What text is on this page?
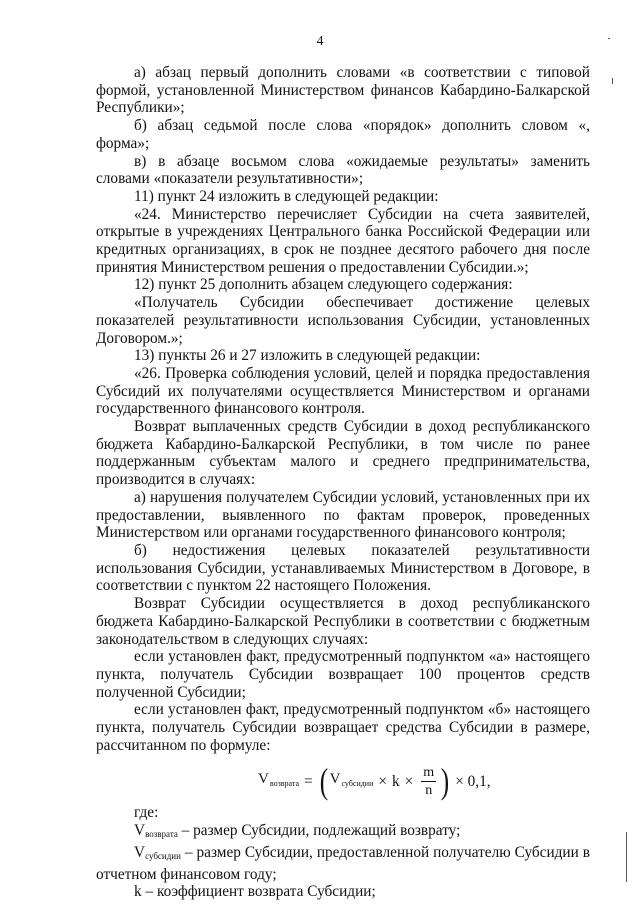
4

а) абзац первый дополнить словами «в соответствии с типовой формой, установленной Министерством финансов Кабардино-Балкарской Республики»;

б) абзац седьмой после слова «порядок» дополнить словом «, форма»;

в) в абзаце восьмом слова «ожидаемые результаты» заменить словами «показатели результативности»;

11) пункт 24 изложить в следующей редакции:

«24. Министерство перечисляет Субсидии на счета заявителей, открытые в учреждениях Центрального банка Российской Федерации или кредитных организациях, в срок не позднее десятого рабочего дня после принятия Министерством решения о предоставлении Субсидии.»;

12) пункт 25 дополнить абзацем следующего содержания:

«Получатель Субсидии обеспечивает достижение целевых показателей результативности использования Субсидии, установленных Договором.»;

13) пункты 26 и 27 изложить в следующей редакции:

«26. Проверка соблюдения условий, целей и порядка предоставления Субсидий их получателями осуществляется Министерством и органами государственного финансового контроля.

Возврат выплаченных средств Субсидии в доход республиканского бюджета Кабардино-Балкарской Республики, в том числе по ранее поддержанным субъектам малого и среднего предпринимательства, производится в случаях:

а) нарушения получателем Субсидии условий, установленных при их предоставлении, выявленного по фактам проверок, проведенных Министерством или органами государственного финансового контроля;

б) недостижения целевых показателей результативности использования Субсидии, устанавливаемых Министерством в Договоре, в соответствии с пунктом 22 настоящего Положения.

Возврат Субсидии осуществляется в доход республиканского бюджета Кабардино-Балкарской Республики в соответствии с бюджетным законодательством в следующих случаях:

если установлен факт, предусмотренный подпунктом «а» настоящего пункта, получатель Субсидии возвращает 100 процентов средств полученной Субсидии;

если установлен факт, предусмотренный подпунктом «б» настоящего пункта, получатель Субсидии возвращает средства Субсидии в размере, рассчитанном по формуле:

$V_{возврата}$ = ( $V_{субсидии} \times k \times \frac{m}{n}$ ) × 0,1,

где:

$V_{возврата}$ – размер Субсидии, подлежащий возврату;

$V_{субсидии}$ – размер Субсидии, предоставленной получателю Субсидии в отчетном финансовом году;

k – коэффициент возврата Субсидии;
